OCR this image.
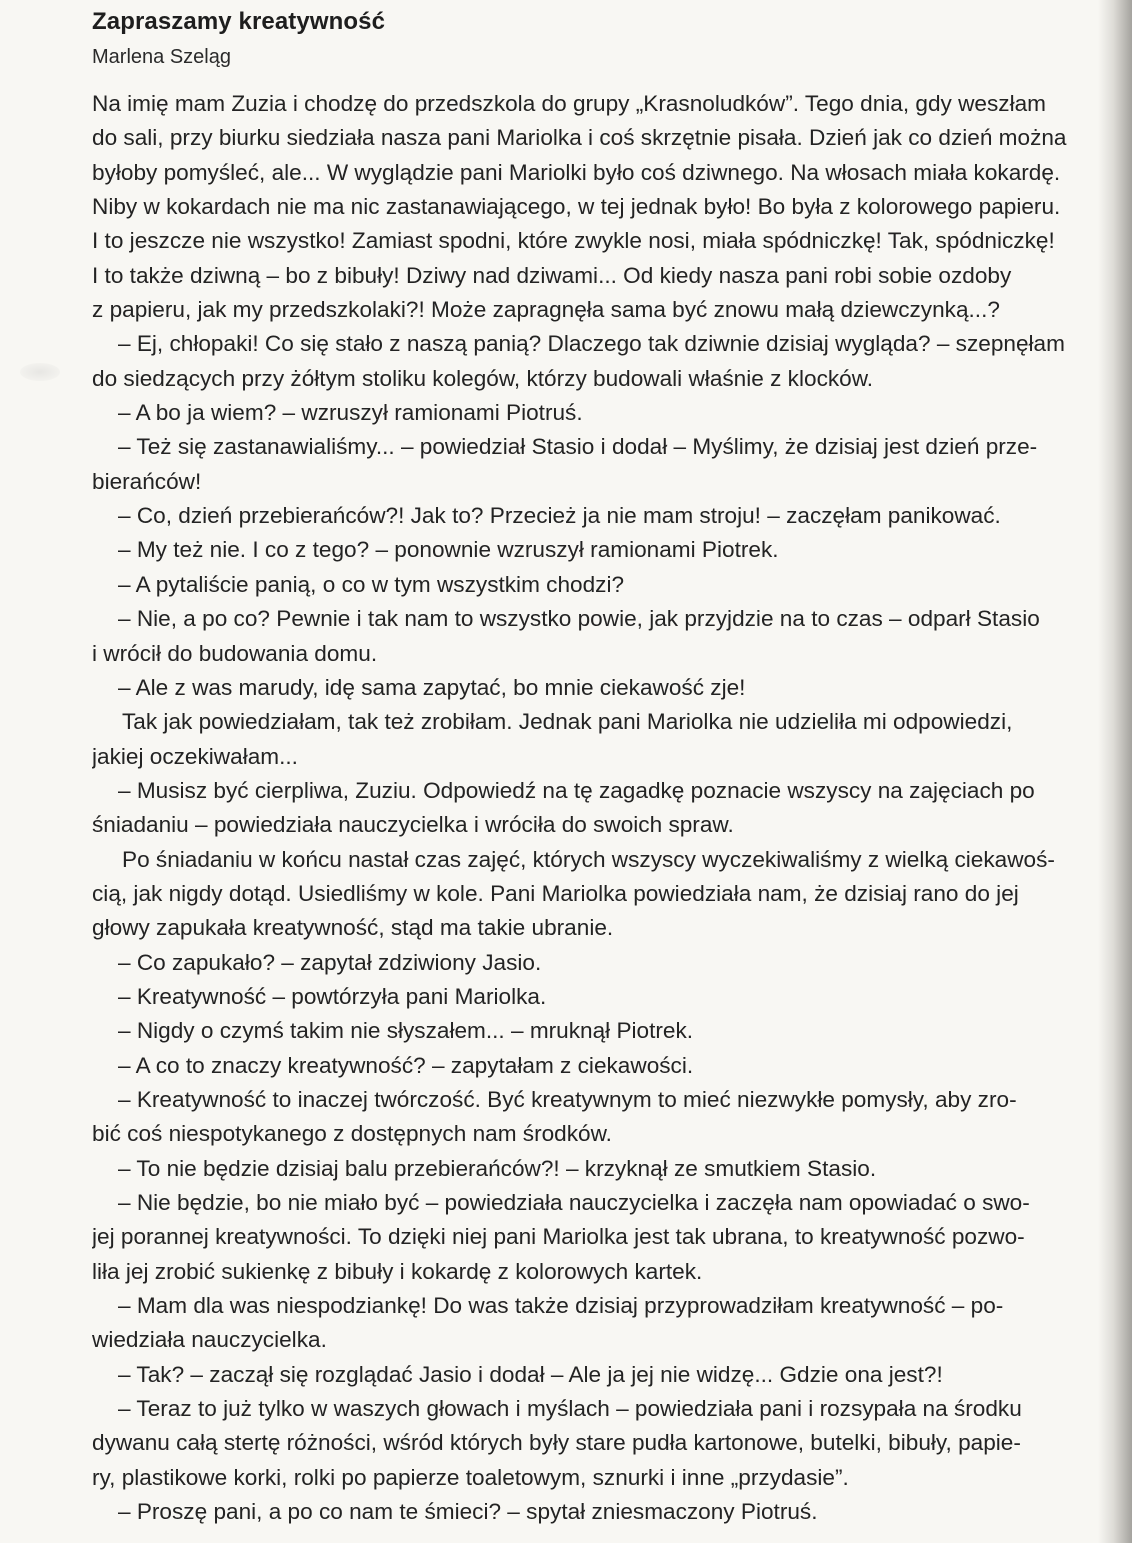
Zapraszamy kreatywność
Marlena Szeląg
Na imię mam Zuzia i chodzę do przedszkola do grupy „Krasnoludków”. Tego dnia, gdy weszłam
do sali, przy biurku siedziała nasza pani Mariolka i coś skrzętnie pisała. Dzień jak co dzień można
byłoby pomyśleć, ale... W wyglądzie pani Mariolki było coś dziwnego. Na włosach miała kokardę.
Niby w kokardach nie ma nic zastanawiającego, w tej jednak było! Bo była z kolorowego papieru.
I to jeszcze nie wszystko! Zamiast spodni, które zwykle nosi, miała spódniczkę! Tak, spódniczkę!
I to także dziwną – bo z bibuły! Dziwy nad dziwami... Od kiedy nasza pani robi sobie ozdoby
z papieru, jak my przedszkolaki?! Może zapragnęła sama być znowu małą dziewczynką...?
– Ej, chłopaki! Co się stało z naszą panią? Dlaczego tak dziwnie dzisiaj wygląda? – szepnęłam
do siedzących przy żółtym stoliku kolegów, którzy budowali właśnie z klocków.
– A bo ja wiem? – wzruszył ramionami Piotruś.
– Też się zastanawialiśmy... – powiedział Stasio i dodał – Myślimy, że dzisiaj jest dzień prze-
bierańców!
– Co, dzień przebierańców?! Jak to? Przecież ja nie mam stroju! – zaczęłam panikować.
– My też nie. I co z tego? – ponownie wzruszył ramionami Piotrek.
– A pytaliście panią, o co w tym wszystkim chodzi?
– Nie, a po co? Pewnie i tak nam to wszystko powie, jak przyjdzie na to czas – odparł Stasio
i wrócił do budowania domu.
– Ale z was marudy, idę sama zapytać, bo mnie ciekawość zje!
Tak jak powiedziałam, tak też zrobiłam. Jednak pani Mariolka nie udzieliła mi odpowiedzi,
jakiej oczekiwałam...
– Musisz być cierpliwa, Zuziu. Odpowiedź na tę zagadkę poznacie wszyscy na zajęciach po
śniadaniu – powiedziała nauczycielka i wróciła do swoich spraw.
Po śniadaniu w końcu nastał czas zajęć, których wszyscy wyczekiwaliśmy z wielką ciekawoś-
cią, jak nigdy dotąd. Usiedliśmy w kole. Pani Mariolka powiedziała nam, że dzisiaj rano do jej
głowy zapukała kreatywność, stąd ma takie ubranie.
– Co zapukało? – zapytał zdziwiony Jasio.
– Kreatywność – powtórzyła pani Mariolka.
– Nigdy o czymś takim nie słyszałem... – mruknął Piotrek.
– A co to znaczy kreatywność? – zapytałam z ciekawości.
– Kreatywność to inaczej twórczość. Być kreatywnym to mieć niezwykłe pomysły, aby zro-
bić coś niespotykanego z dostępnych nam środków.
– To nie będzie dzisiaj balu przebierańców?! – krzyknął ze smutkiem Stasio.
– Nie będzie, bo nie miało być – powiedziała nauczycielka i zaczęła nam opowiadać o swo-
jej porannej kreatywności. To dzięki niej pani Mariolka jest tak ubrana, to kreatywność pozwo-
liła jej zrobić sukienkę z bibuły i kokardę z kolorowych kartek.
– Mam dla was niespodziankę! Do was także dzisiaj przyprowadziłam kreatywność – po-
wiedziała nauczycielka.
– Tak? – zaczął się rozglądać Jasio i dodał – Ale ja jej nie widzę... Gdzie ona jest?!
– Teraz to już tylko w waszych głowach i myślach – powiedziała pani i rozsypała na środku
dywanu całą stertę różności, wśród których były stare pudła kartonowe, butelki, bibuły, papie-
ry, plastikowe korki, rolki po papierze toaletowym, sznurki i inne „przydasie”.
– Proszę pani, a po co nam te śmieci? – spytał zniesmaczony Piotruś.
